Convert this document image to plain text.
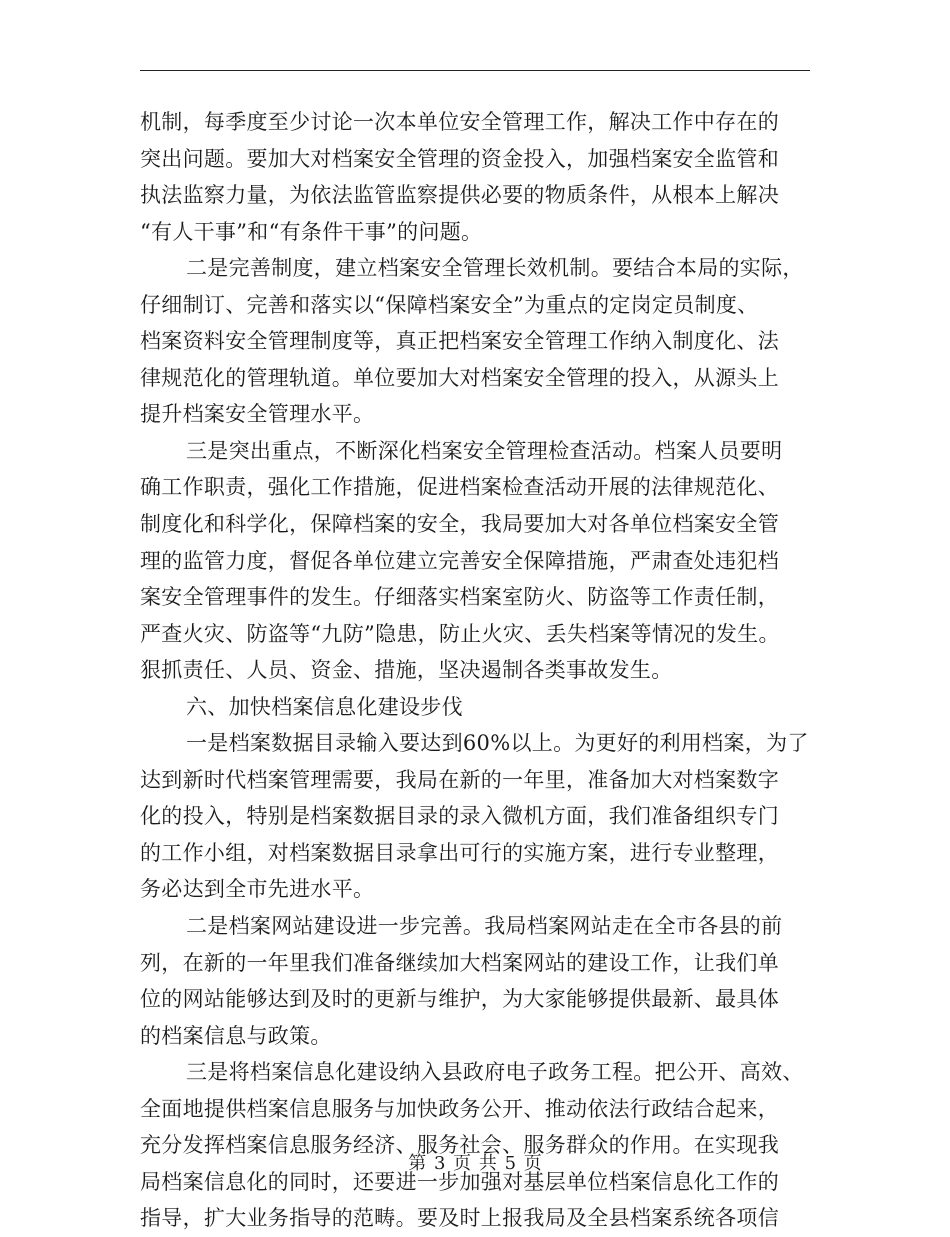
机制，每季度至少讨论一次本单位安全管理工作，解决工作中存在的
突出问题。要加大对档案安全管理的资金投入，加强档案安全监管和
执法监察力量，为依法监管监察提供必要的物质条件，从根本上解决
“有人干事”和“有条件干事”的问题。
二是完善制度，建立档案安全管理长效机制。要结合本局的实际，
仔细制订、完善和落实以“保障档案安全”为重点的定岗定员制度、
档案资料安全管理制度等，真正把档案安全管理工作纳入制度化、法
律规范化的管理轨道。单位要加大对档案安全管理的投入，从源头上
提升档案安全管理水平。
三是突出重点，不断深化档案安全管理检查活动。档案人员要明
确工作职责，强化工作措施，促进档案检查活动开展的法律规范化、
制度化和科学化，保障档案的安全，我局要加大对各单位档案安全管
理的监管力度，督促各单位建立完善安全保障措施，严肃查处违犯档
案安全管理事件的发生。仔细落实档案室防火、防盗等工作责任制，
严查火灾、防盗等“九防”隐患，防止火灾、丢失档案等情况的发生。
狠抓责任、人员、资金、措施，坚决遏制各类事故发生。
六、加快档案信息化建设步伐
一是档案数据目录输入要达到60%以上。为更好的利用档案，为了
达到新时代档案管理需要，我局在新的一年里，准备加大对档案数字
化的投入，特别是档案数据目录的录入微机方面，我们准备组织专门
的工作小组，对档案数据目录拿出可行的实施方案，进行专业整理，
务必达到全市先进水平。
二是档案网站建设进一步完善。我局档案网站走在全市各县的前
列，在新的一年里我们准备继续加大档案网站的建设工作，让我们单
位的网站能够达到及时的更新与维护，为大家能够提供最新、最具体
的档案信息与政策。
三是将档案信息化建设纳入县政府电子政务工程。把公开、高效、
全面地提供档案信息服务与加快政务公开、推动依法行政结合起来，
充分发挥档案信息服务经济、服务社会、服务群众的作用。在实现我
局档案信息化的同时，还要进一步加强对基层单位档案信息化工作的
指导，扩大业务指导的范畴。要及时上报我局及全县档案系统各项信
第 3 页 共 5 页
